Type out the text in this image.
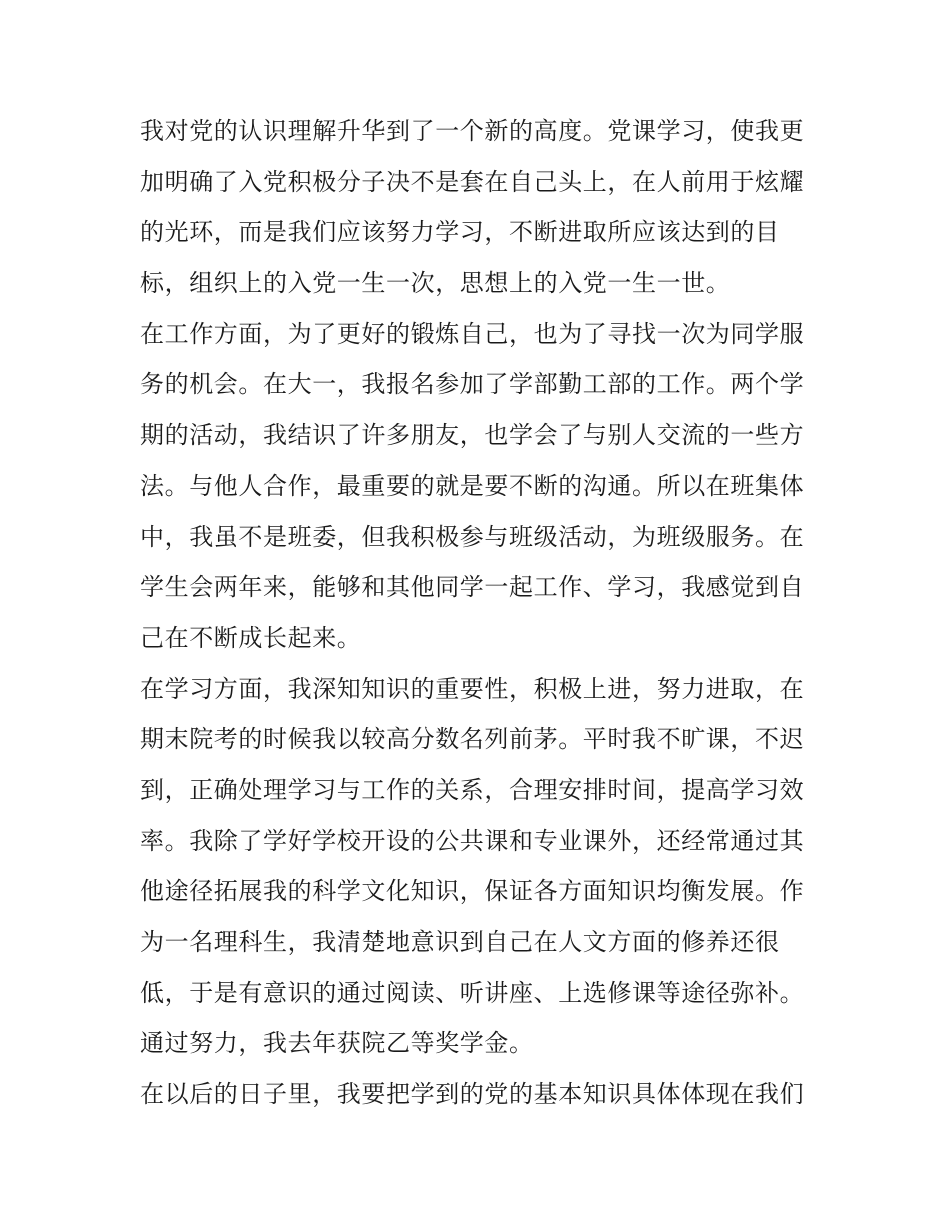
我对党的认识理解升华到了一个新的高度。党课学习，使我更
加明确了入党积极分子决不是套在自己头上，在人前用于炫耀
的光环，而是我们应该努力学习，不断进取所应该达到的目
标，组织上的入党一生一次，思想上的入党一生一世。
在工作方面，为了更好的锻炼自己，也为了寻找一次为同学服
务的机会。在大一，我报名参加了学部勤工部的工作。两个学
期的活动，我结识了许多朋友，也学会了与别人交流的一些方
法。与他人合作，最重要的就是要不断的沟通。所以在班集体
中，我虽不是班委，但我积极参与班级活动，为班级服务。在
学生会两年来，能够和其他同学一起工作、学习，我感觉到自
己在不断成长起来。
在学习方面，我深知知识的重要性，积极上进，努力进取，在
期末院考的时候我以较高分数名列前茅。平时我不旷课，不迟
到，正确处理学习与工作的关系，合理安排时间，提高学习效
率。我除了学好学校开设的公共课和专业课外，还经常通过其
他途径拓展我的科学文化知识，保证各方面知识均衡发展。作
为一名理科生，我清楚地意识到自己在人文方面的修养还很
低，于是有意识的通过阅读、听讲座、上选修课等途径弥补。
通过努力，我去年获院乙等奖学金。
在以后的日子里，我要把学到的党的基本知识具体体现在我们
